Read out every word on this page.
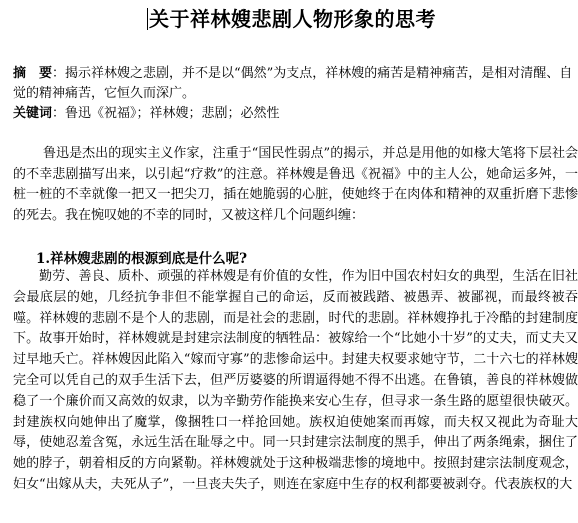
关于祥林嫂悲剧人物形象的思考
摘　要：揭示祥林嫂之悲剧，并不是以“偶然”为支点，祥林嫂的痛苦是精神痛苦，是相对清醒、自觉的精神痛苦，它恒久而深广。
关键词：鲁迅《祝福》；祥林嫂；悲剧；必然性
鲁迅是杰出的现实主义作家，注重于“国民性弱点”的揭示，并总是用他的如椽大笔将下层社会的不幸悲剧描写出来，以引起“疗救”的注意。祥林嫂是鲁迅《祝福》中的主人公，她命运多舛，一桩一桩的不幸就像一把又一把尖刀，插在她脆弱的心脏，使她终于在肉体和精神的双重折磨下悲惨的死去。我在惋叹她的不幸的同时，又被这样几个问题纠缠：
1.祥林嫂悲剧的根源到底是什么呢?
勤劳、善良、质朴、顽强的祥林嫂是有价值的女性，作为旧中国农村妇女的典型，生活在旧社会最底层的她，几经抗争非但不能掌握自己的命运，反而被践踏、被愚弄、被鄙视，而最终被吞噬。祥林嫂的悲剧不是个人的悲剧，而是社会的悲剧，时代的悲剧。祥林嫂挣扎于冷酷的封建制度下。故事开始时，祥林嫂就是封建宗法制度的牺牲品：被嫁给一个“比她小十岁”的丈夫，而丈夫又过早地夭亡。祥林嫂因此陷入“嫁而守寡”的悲惨命运中。封建夫权要求她守节，二十六七的祥林嫂完全可以凭自己的双手生活下去，但严厉婆婆的所谓逼得她不得不出逃。在鲁镇，善良的祥林嫂做稳了一个廉价而又高效的奴隶，以为辛勤劳作能换来安心生存，但寻求一条生路的愿望很快破灭。封建族权向她伸出了魔掌，像捆牲口一样抢回她。族权迫使她案而再嫁，而夫权又视此为奇耻大辱，使她忍羞含冤，永远生活在耻辱之中。同一只封建宗法制度的黑手，伸出了两条绳索，捆住了她的脖子，朝着相反的方向紧勒。祥林嫂就处于这种极端悲惨的境地中。按照封建宗法制度观念，妇女“出嫁从夫，夫死从子”，一旦丧夫失子，则连在家庭中生存的权利都要被剥夺。代表族权的大
